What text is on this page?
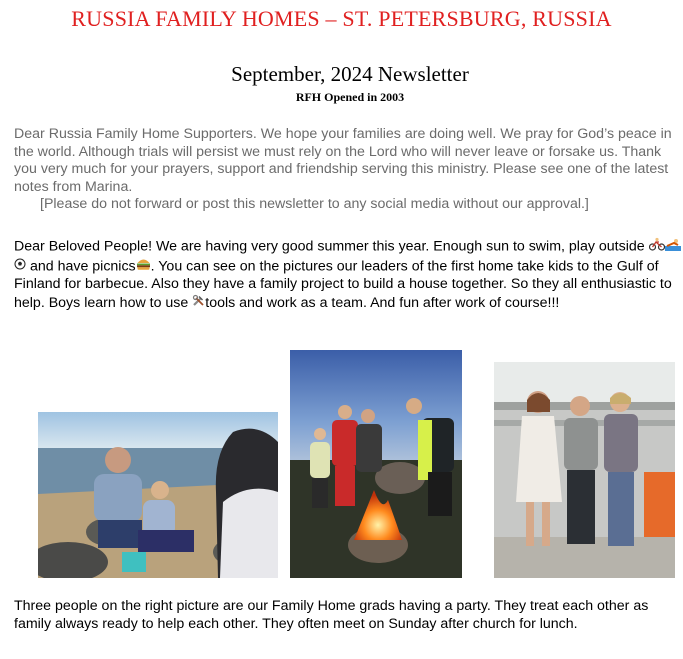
RUSSIA FAMILY HOMES – ST. PETERSBURG, RUSSIA
September, 2024 Newsletter
RFH Opened in 2003
Dear Russia Family Home Supporters. We hope your families are doing well. We pray for God’s peace in the world. Although trials will persist we must rely on the Lord who will never leave or forsake us. Thank you very much for your prayers, support and friendship serving this ministry. Please see one of the latest notes from Marina.
[Please do not forward or post this newsletter to any social media without our approval.]
Dear Beloved People! We are having very good summer this year. Enough sun to swim, play outside  and have picnics . You can see on the pictures our leaders of the first home take kids to the Gulf of Finland for barbecue. Also they have a family project to build a house together. So they all enthusiastic to help. Boys learn how to use tools and work as a team. And fun after work of course!!!
Three people on the right picture are our Family Home grads having a party. They treat each other as family always ready to help each other. They often meet on Sunday after church for lunch.
